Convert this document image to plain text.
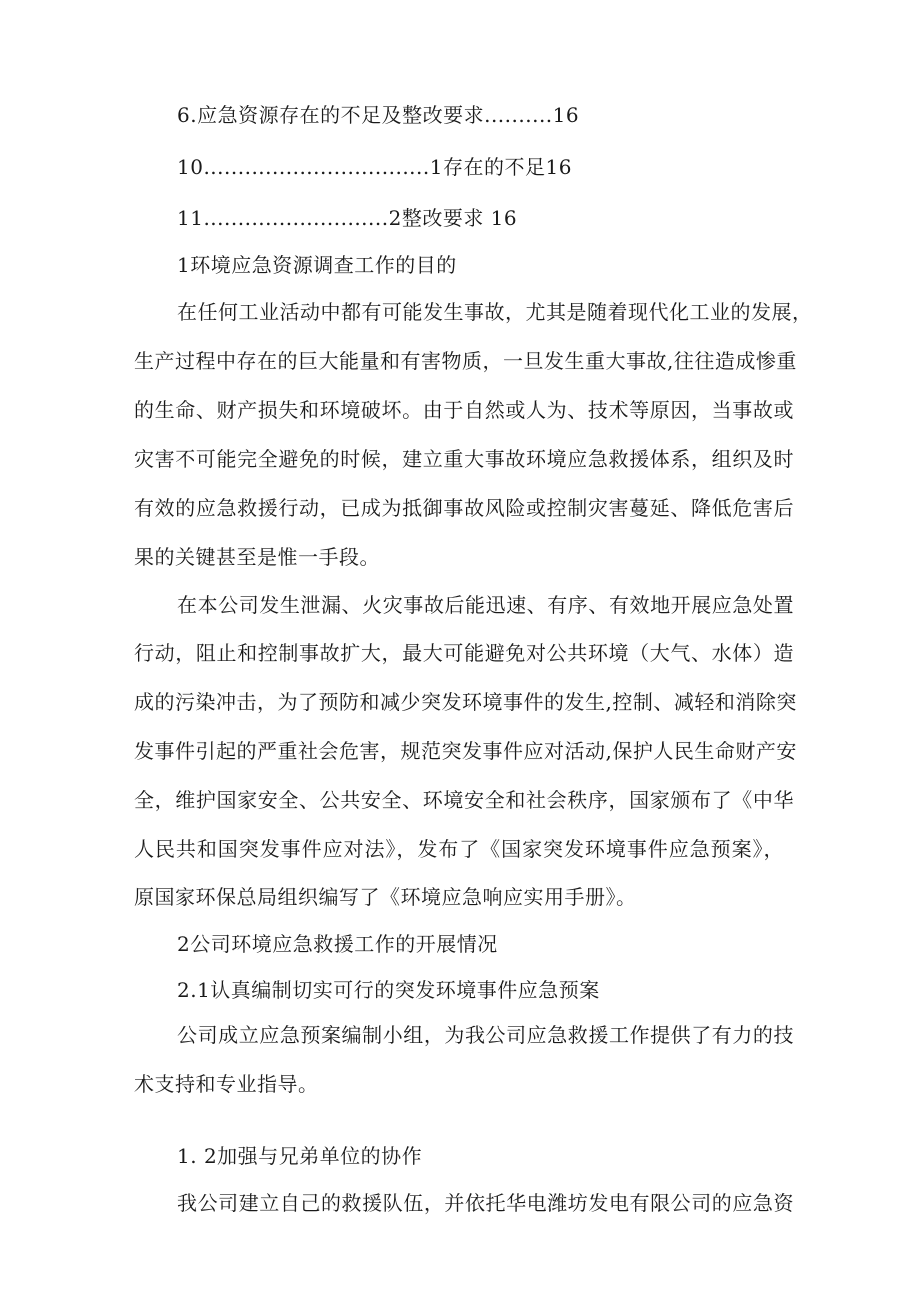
6.应急资源存在的不足及整改要求..........16
10.................................1存在的不足16
11...........................2整改要求 16
1环境应急资源调查工作的目的
在任何工业活动中都有可能发生事故，尤其是随着现代化工业的发展，
生产过程中存在的巨大能量和有害物质，一旦发生重大事故,往往造成惨重
的生命、财产损失和环境破坏。由于自然或人为、技术等原因，当事故或
灾害不可能完全避免的时候，建立重大事故环境应急救援体系，组织及时
有效的应急救援行动，已成为抵御事故风险或控制灾害蔓延、降低危害后
果的关键甚至是惟一手段。
在本公司发生泄漏、火灾事故后能迅速、有序、有效地开展应急处置
行动，阻止和控制事故扩大，最大可能避免对公共环境（大气、水体）造
成的污染冲击，为了预防和减少突发环境事件的发生,控制、减轻和消除突
发事件引起的严重社会危害，规范突发事件应对活动,保护人民生命财产安
全，维护国家安全、公共安全、环境安全和社会秩序，国家颁布了《中华
人民共和国突发事件应对法》，发布了《国家突发环境事件应急预案》，
原国家环保总局组织编写了《环境应急响应实用手册》。
2公司环境应急救援工作的开展情况
2.1认真编制切实可行的突发环境事件应急预案
公司成立应急预案编制小组，为我公司应急救援工作提供了有力的技
术支持和专业指导。
1. 2加强与兄弟单位的协作
我公司建立自己的救援队伍，并依托华电潍坊发电有限公司的应急资
